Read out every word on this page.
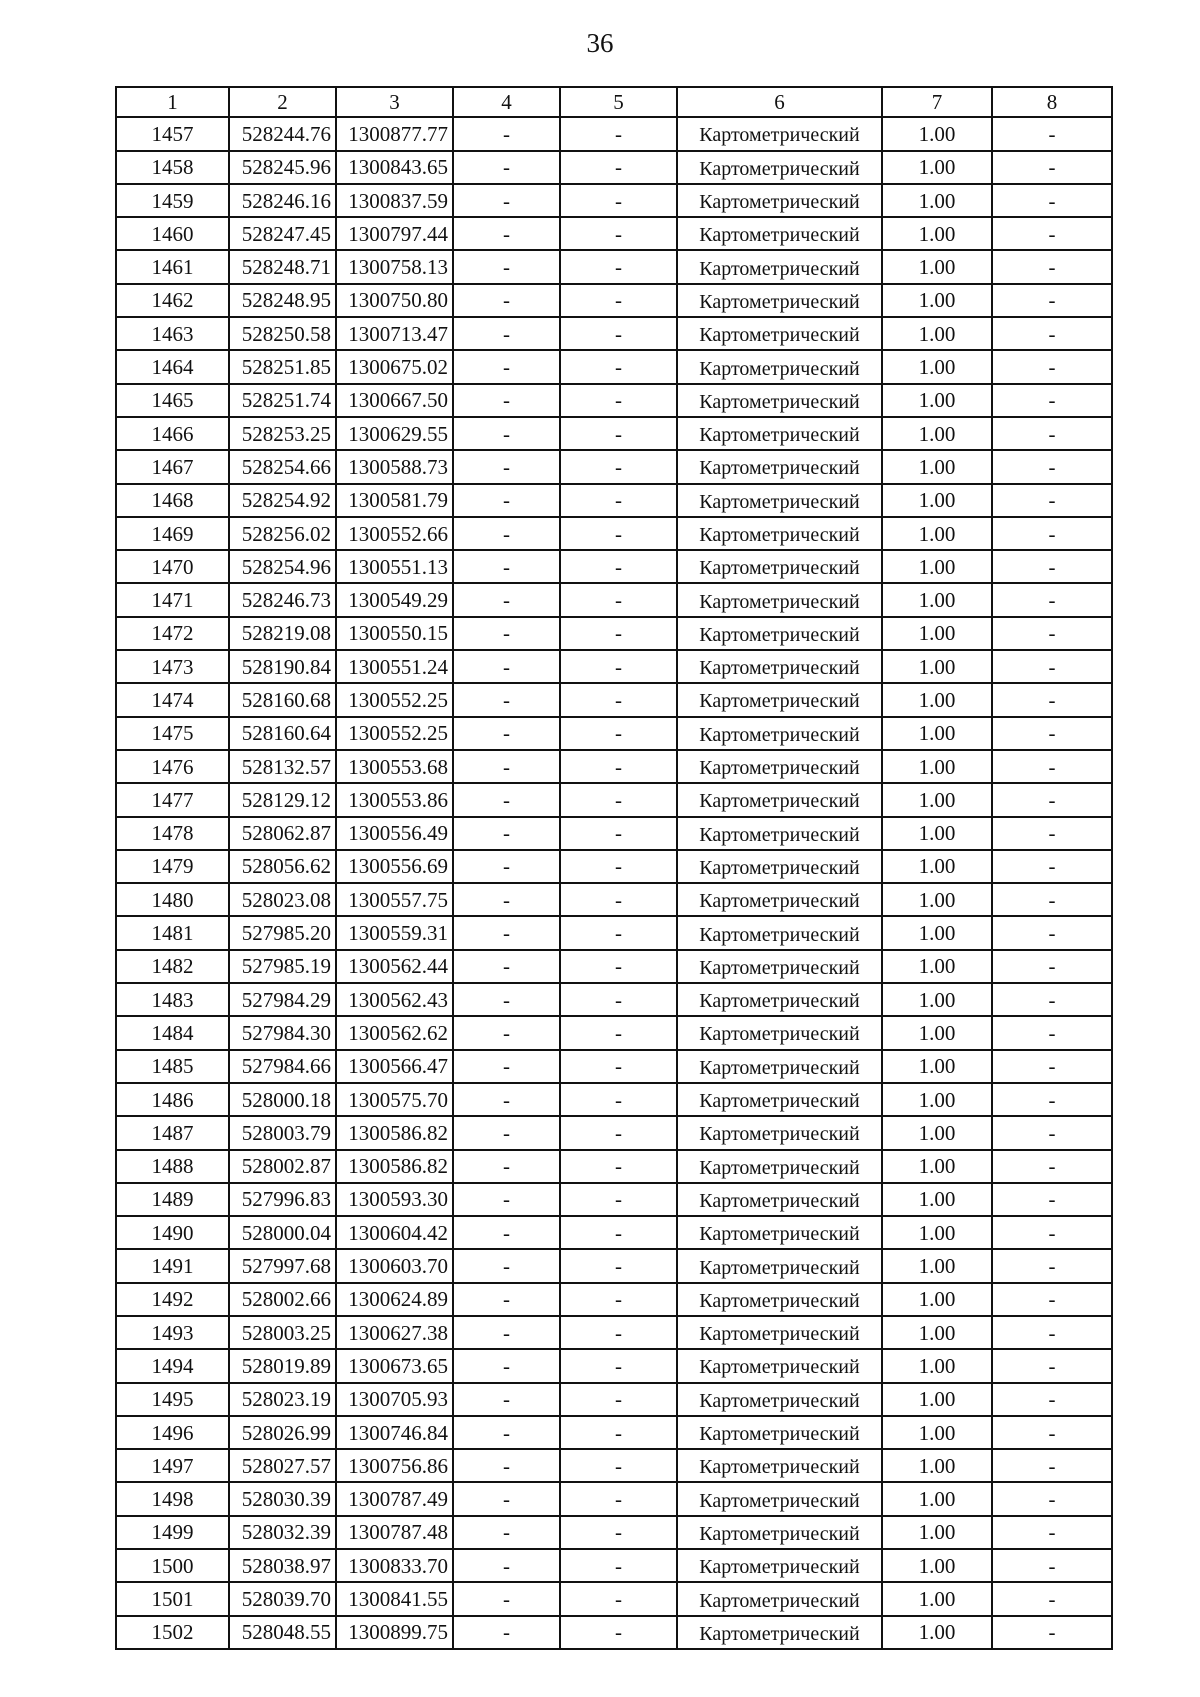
36
1	2	3	4	5	6	7	8
1457	528244.76	1300877.77	-	-	Картометрический	1.00	-
1458	528245.96	1300843.65	-	-	Картометрический	1.00	-
1459	528246.16	1300837.59	-	-	Картометрический	1.00	-
1460	528247.45	1300797.44	-	-	Картометрический	1.00	-
1461	528248.71	1300758.13	-	-	Картометрический	1.00	-
1462	528248.95	1300750.80	-	-	Картометрический	1.00	-
1463	528250.58	1300713.47	-	-	Картометрический	1.00	-
1464	528251.85	1300675.02	-	-	Картометрический	1.00	-
1465	528251.74	1300667.50	-	-	Картометрический	1.00	-
1466	528253.25	1300629.55	-	-	Картометрический	1.00	-
1467	528254.66	1300588.73	-	-	Картометрический	1.00	-
1468	528254.92	1300581.79	-	-	Картометрический	1.00	-
1469	528256.02	1300552.66	-	-	Картометрический	1.00	-
1470	528254.96	1300551.13	-	-	Картометрический	1.00	-
1471	528246.73	1300549.29	-	-	Картометрический	1.00	-
1472	528219.08	1300550.15	-	-	Картометрический	1.00	-
1473	528190.84	1300551.24	-	-	Картометрический	1.00	-
1474	528160.68	1300552.25	-	-	Картометрический	1.00	-
1475	528160.64	1300552.25	-	-	Картометрический	1.00	-
1476	528132.57	1300553.68	-	-	Картометрический	1.00	-
1477	528129.12	1300553.86	-	-	Картометрический	1.00	-
1478	528062.87	1300556.49	-	-	Картометрический	1.00	-
1479	528056.62	1300556.69	-	-	Картометрический	1.00	-
1480	528023.08	1300557.75	-	-	Картометрический	1.00	-
1481	527985.20	1300559.31	-	-	Картометрический	1.00	-
1482	527985.19	1300562.44	-	-	Картометрический	1.00	-
1483	527984.29	1300562.43	-	-	Картометрический	1.00	-
1484	527984.30	1300562.62	-	-	Картометрический	1.00	-
1485	527984.66	1300566.47	-	-	Картометрический	1.00	-
1486	528000.18	1300575.70	-	-	Картометрический	1.00	-
1487	528003.79	1300586.82	-	-	Картометрический	1.00	-
1488	528002.87	1300586.82	-	-	Картометрический	1.00	-
1489	527996.83	1300593.30	-	-	Картометрический	1.00	-
1490	528000.04	1300604.42	-	-	Картометрический	1.00	-
1491	527997.68	1300603.70	-	-	Картометрический	1.00	-
1492	528002.66	1300624.89	-	-	Картометрический	1.00	-
1493	528003.25	1300627.38	-	-	Картометрический	1.00	-
1494	528019.89	1300673.65	-	-	Картометрический	1.00	-
1495	528023.19	1300705.93	-	-	Картометрический	1.00	-
1496	528026.99	1300746.84	-	-	Картометрический	1.00	-
1497	528027.57	1300756.86	-	-	Картометрический	1.00	-
1498	528030.39	1300787.49	-	-	Картометрический	1.00	-
1499	528032.39	1300787.48	-	-	Картометрический	1.00	-
1500	528038.97	1300833.70	-	-	Картометрический	1.00	-
1501	528039.70	1300841.55	-	-	Картометрический	1.00	-
1502	528048.55	1300899.75	-	-	Картометрический	1.00	-
